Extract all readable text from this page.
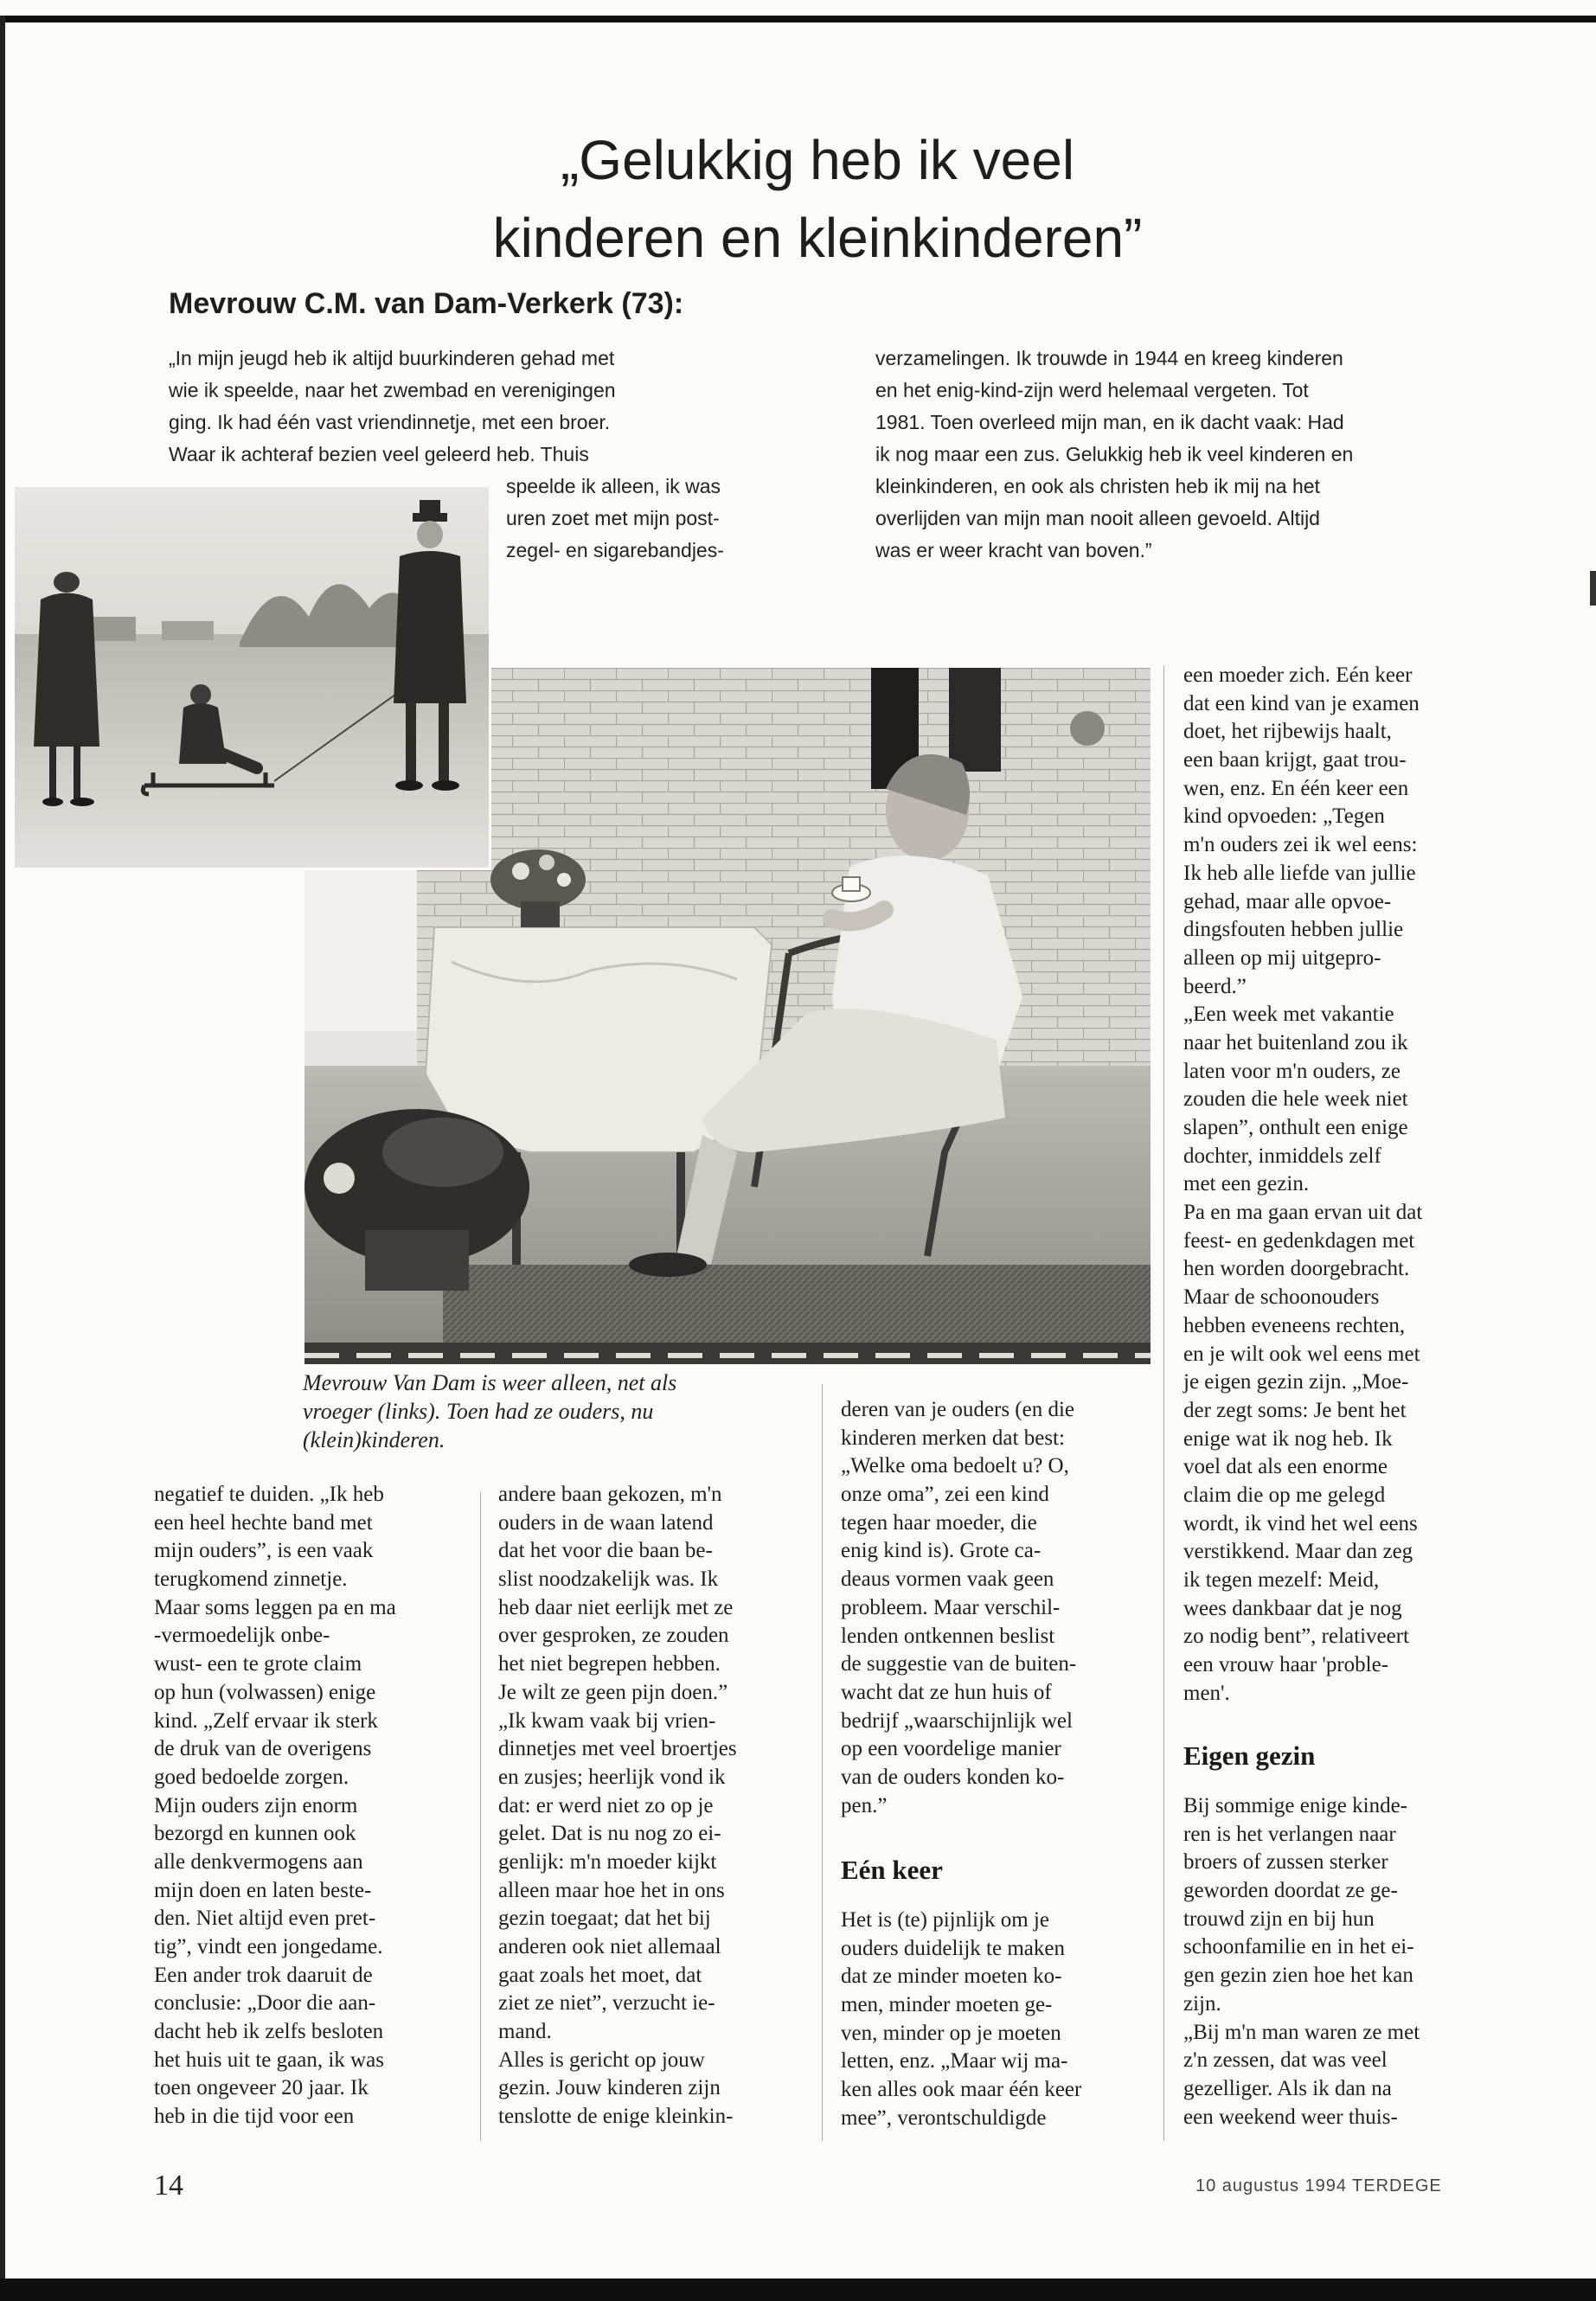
„Gelukkig heb ik veel
kinderen en kleinkinderen”
Mevrouw C.M. van Dam-Verkerk (73):
„In mijn jeugd heb ik altijd buurkinderen gehad met
wie ik speelde, naar het zwembad en verenigingen
ging. Ik had één vast vriendinnetje, met een broer.
Waar ik achteraf bezien veel geleerd heb. Thuis
speelde ik alleen, ik was
uren zoet met mijn post-
zegel- en sigarebandjes-
verzamelingen. Ik trouwde in 1944 en kreeg kinderen
en het enig-kind-zijn werd helemaal vergeten. Tot
1981. Toen overleed mijn man, en ik dacht vaak: Had
ik nog maar een zus. Gelukkig heb ik veel kinderen en
kleinkinderen, en ook als christen heb ik mij na het
overlijden van mijn man nooit alleen gevoeld. Altijd
was er weer kracht van boven.”
Mevrouw Van Dam is weer alleen, net als
vroeger (links). Toen had ze ouders, nu
(klein)kinderen.
negatief te duiden. „Ik heb
een heel hechte band met
mijn ouders”, is een vaak
terugkomend zinnetje.
Maar soms leggen pa en ma
-vermoedelijk onbe-
wust- een te grote claim
op hun (volwassen) enige
kind. „Zelf ervaar ik sterk
de druk van de overigens
goed bedoelde zorgen.
Mijn ouders zijn enorm
bezorgd en kunnen ook
alle denkvermogens aan
mijn doen en laten beste-
den. Niet altijd even pret-
tig”, vindt een jongedame.
Een ander trok daaruit de
conclusie: „Door die aan-
dacht heb ik zelfs besloten
het huis uit te gaan, ik was
toen ongeveer 20 jaar. Ik
heb in die tijd voor een
andere baan gekozen, m'n
ouders in de waan latend
dat het voor die baan be-
slist noodzakelijk was. Ik
heb daar niet eerlijk met ze
over gesproken, ze zouden
het niet begrepen hebben.
Je wilt ze geen pijn doen.”
„Ik kwam vaak bij vrien-
dinnetjes met veel broertjes
en zusjes; heerlijk vond ik
dat: er werd niet zo op je
gelet. Dat is nu nog zo ei-
genlijk: m'n moeder kijkt
alleen maar hoe het in ons
gezin toegaat; dat het bij
anderen ook niet allemaal
gaat zoals het moet, dat
ziet ze niet”, verzucht ie-
mand.
Alles is gericht op jouw
gezin. Jouw kinderen zijn
tenslotte de enige kleinkin-
deren van je ouders (en die
kinderen merken dat best:
„Welke oma bedoelt u? O,
onze oma”, zei een kind
tegen haar moeder, die
enig kind is). Grote ca-
deaus vormen vaak geen
probleem. Maar verschil-
lenden ontkennen beslist
de suggestie van de buiten-
wacht dat ze hun huis of
bedrijf „waarschijnlijk wel
op een voordelige manier
van de ouders konden ko-
pen.”
Eén keer
Het is (te) pijnlijk om je
ouders duidelijk te maken
dat ze minder moeten ko-
men, minder moeten ge-
ven, minder op je moeten
letten, enz. „Maar wij ma-
ken alles ook maar één keer
mee”, verontschuldigde
een moeder zich. Eén keer
dat een kind van je examen
doet, het rijbewijs haalt,
een baan krijgt, gaat trou-
wen, enz. En één keer een
kind opvoeden: „Tegen
m'n ouders zei ik wel eens:
Ik heb alle liefde van jullie
gehad, maar alle opvoe-
dingsfouten hebben jullie
alleen op mij uitgepro-
beerd.”
„Een week met vakantie
naar het buitenland zou ik
laten voor m'n ouders, ze
zouden die hele week niet
slapen”, onthult een enige
dochter, inmiddels zelf
met een gezin.
Pa en ma gaan ervan uit dat
feest- en gedenkdagen met
hen worden doorgebracht.
Maar de schoonouders
hebben eveneens rechten,
en je wilt ook wel eens met
je eigen gezin zijn. „Moe-
der zegt soms: Je bent het
enige wat ik nog heb. Ik
voel dat als een enorme
claim die op me gelegd
wordt, ik vind het wel eens
verstikkend. Maar dan zeg
ik tegen mezelf: Meid,
wees dankbaar dat je nog
zo nodig bent”, relativeert
een vrouw haar 'proble-
men'.
Eigen gezin
Bij sommige enige kinde-
ren is het verlangen naar
broers of zussen sterker
geworden doordat ze ge-
trouwd zijn en bij hun
schoonfamilie en in het ei-
gen gezin zien hoe het kan
zijn.
„Bij m'n man waren ze met
z'n zessen, dat was veel
gezelliger. Als ik dan na
een weekend weer thuis-
14	10 augustus 1994 TERDEGE
